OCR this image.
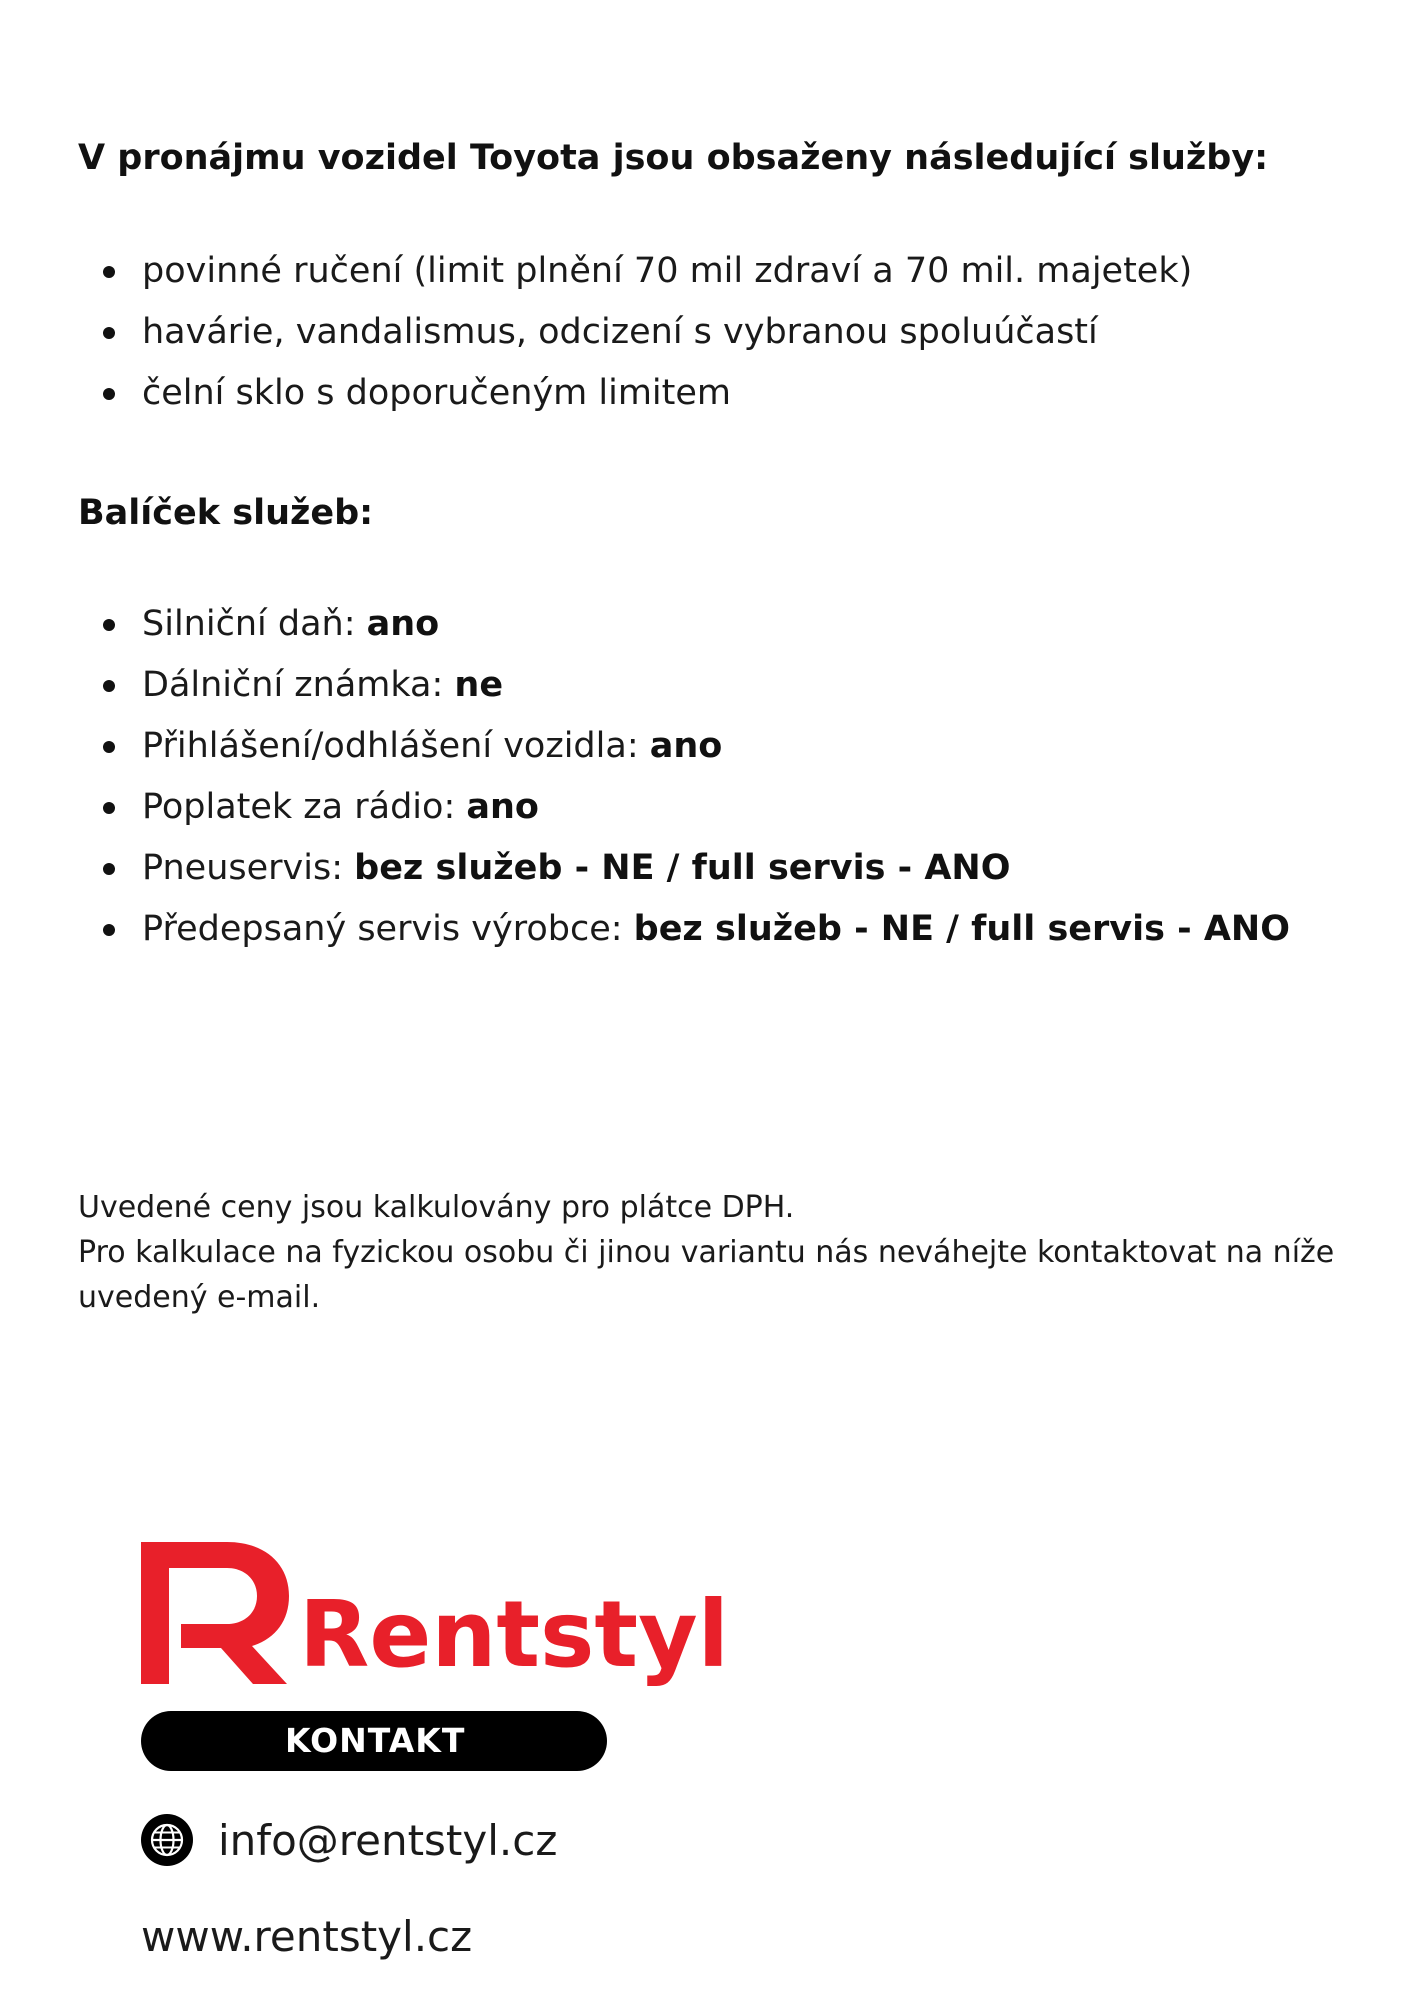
V pronájmu vozidel Toyota jsou obsaženy následující služby:
povinné ručení (limit plnění 70 mil zdraví a 70 mil. majetek)
havárie, vandalismus, odcizení s vybranou spoluúčastí
čelní sklo s doporučeným limitem
Balíček služeb:
Silniční daň: ano
Dálniční známka: ne
Přihlášení/odhlášení vozidla: ano
Poplatek za rádio: ano
Pneuservis: bez služeb - NE / full servis - ANO
Předepsaný servis výrobce: bez služeb - NE / full servis - ANO

Uvedené ceny jsou kalkulovány pro plátce DPH.

Pro kalkulace na fyzickou osobu či jinou variantu nás neváhejte kontaktovat na níže uvedený e-mail.

Rentstyl
KONTAKT
info@rentstyl.cz
www.rentstyl.cz
